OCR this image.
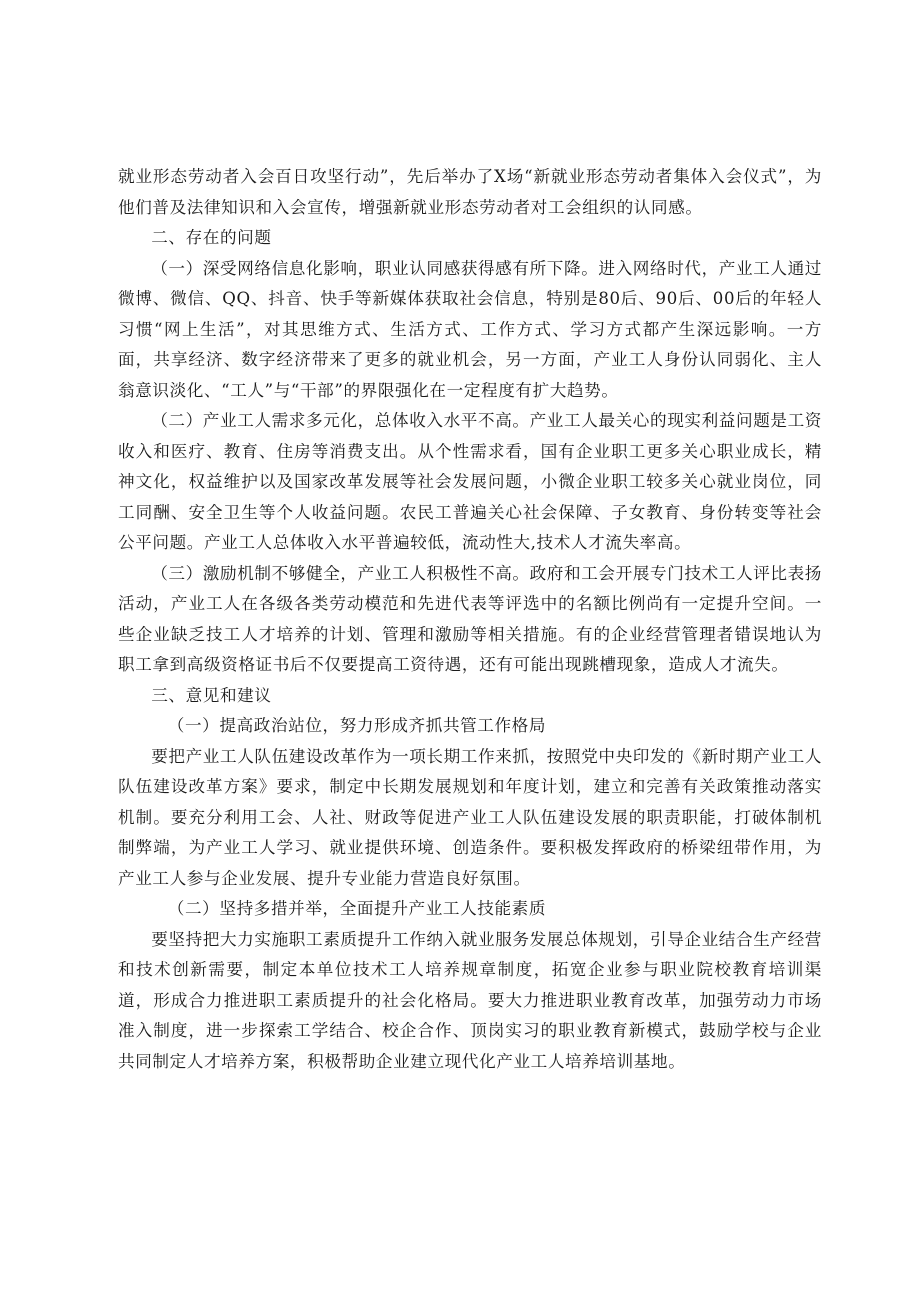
就业形态劳动者入会百日攻坚行动”，先后举办了X场“新就业形态劳动者集体入会仪式”，为他们普及法律知识和入会宣传，增强新就业形态劳动者对工会组织的认同感。

二、存在的问题

（一）深受网络信息化影响，职业认同感获得感有所下降。进入网络时代，产业工人通过微博、微信、QQ、抖音、快手等新媒体获取社会信息，特别是80后、90后、00后的年轻人习惯“网上生活”，对其思维方式、生活方式、工作方式、学习方式都产生深远影响。一方面，共享经济、数字经济带来了更多的就业机会，另一方面，产业工人身份认同弱化、主人翁意识淡化、“工人”与“干部”的界限强化在一定程度有扩大趋势。

（二）产业工人需求多元化，总体收入水平不高。产业工人最关心的现实利益问题是工资收入和医疗、教育、住房等消费支出。从个性需求看，国有企业职工更多关心职业成长，精神文化，权益维护以及国家改革发展等社会发展问题，小微企业职工较多关心就业岗位，同工同酬、安全卫生等个人收益问题。农民工普遍关心社会保障、子女教育、身份转变等社会公平问题。产业工人总体收入水平普遍较低，流动性大,技术人才流失率高。

（三）激励机制不够健全，产业工人积极性不高。政府和工会开展专门技术工人评比表扬活动，产业工人在各级各类劳动模范和先进代表等评选中的名额比例尚有一定提升空间。一些企业缺乏技工人才培养的计划、管理和激励等相关措施。有的企业经营管理者错误地认为职工拿到高级资格证书后不仅要提高工资待遇，还有可能出现跳槽现象，造成人才流失。

三、意见和建议

（一）提高政治站位，努力形成齐抓共管工作格局

要把产业工人队伍建设改革作为一项长期工作来抓，按照党中央印发的《新时期产业工人队伍建设改革方案》要求，制定中长期发展规划和年度计划，建立和完善有关政策推动落实机制。要充分利用工会、人社、财政等促进产业工人队伍建设发展的职责职能，打破体制机制弊端，为产业工人学习、就业提供环境、创造条件。要积极发挥政府的桥梁纽带作用，为产业工人参与企业发展、提升专业能力营造良好氛围。

（二）坚持多措并举，全面提升产业工人技能素质

要坚持把大力实施职工素质提升工作纳入就业服务发展总体规划，引导企业结合生产经营和技术创新需要，制定本单位技术工人培养规章制度，拓宽企业参与职业院校教育培训渠道，形成合力推进职工素质提升的社会化格局。要大力推进职业教育改革，加强劳动力市场准入制度，进一步探索工学结合、校企合作、顶岗实习的职业教育新模式，鼓励学校与企业共同制定人才培养方案，积极帮助企业建立现代化产业工人培养培训基地。
